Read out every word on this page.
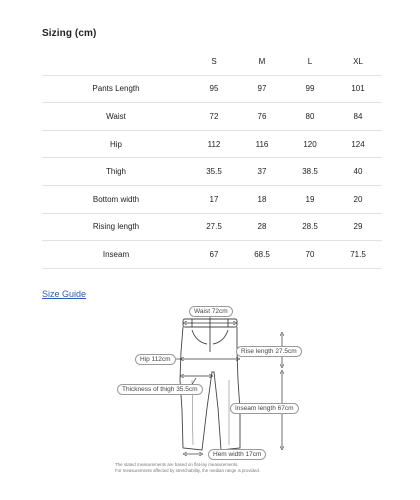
Sizing (cm)
	S	M	L	XL
Pants Length	95	97	99	101
Waist	72	76	80	84
Hip	112	116	120	124
Thigh	35.5	37	38.5	40
Bottom width	17	18	19	20
Rising length	27.5	28	28.5	29
Inseam	67	68.5	70	71.5
Size Guide
Waist 72cm
Rise length 27.5cm
Hip 112cm
Thickness of thigh 35.5cm
Inseam length 67cm
Hem width 17cm
The stated measurements are based on flat-lay measurements.
For measurements affected by stretchability, the median range is provided.
